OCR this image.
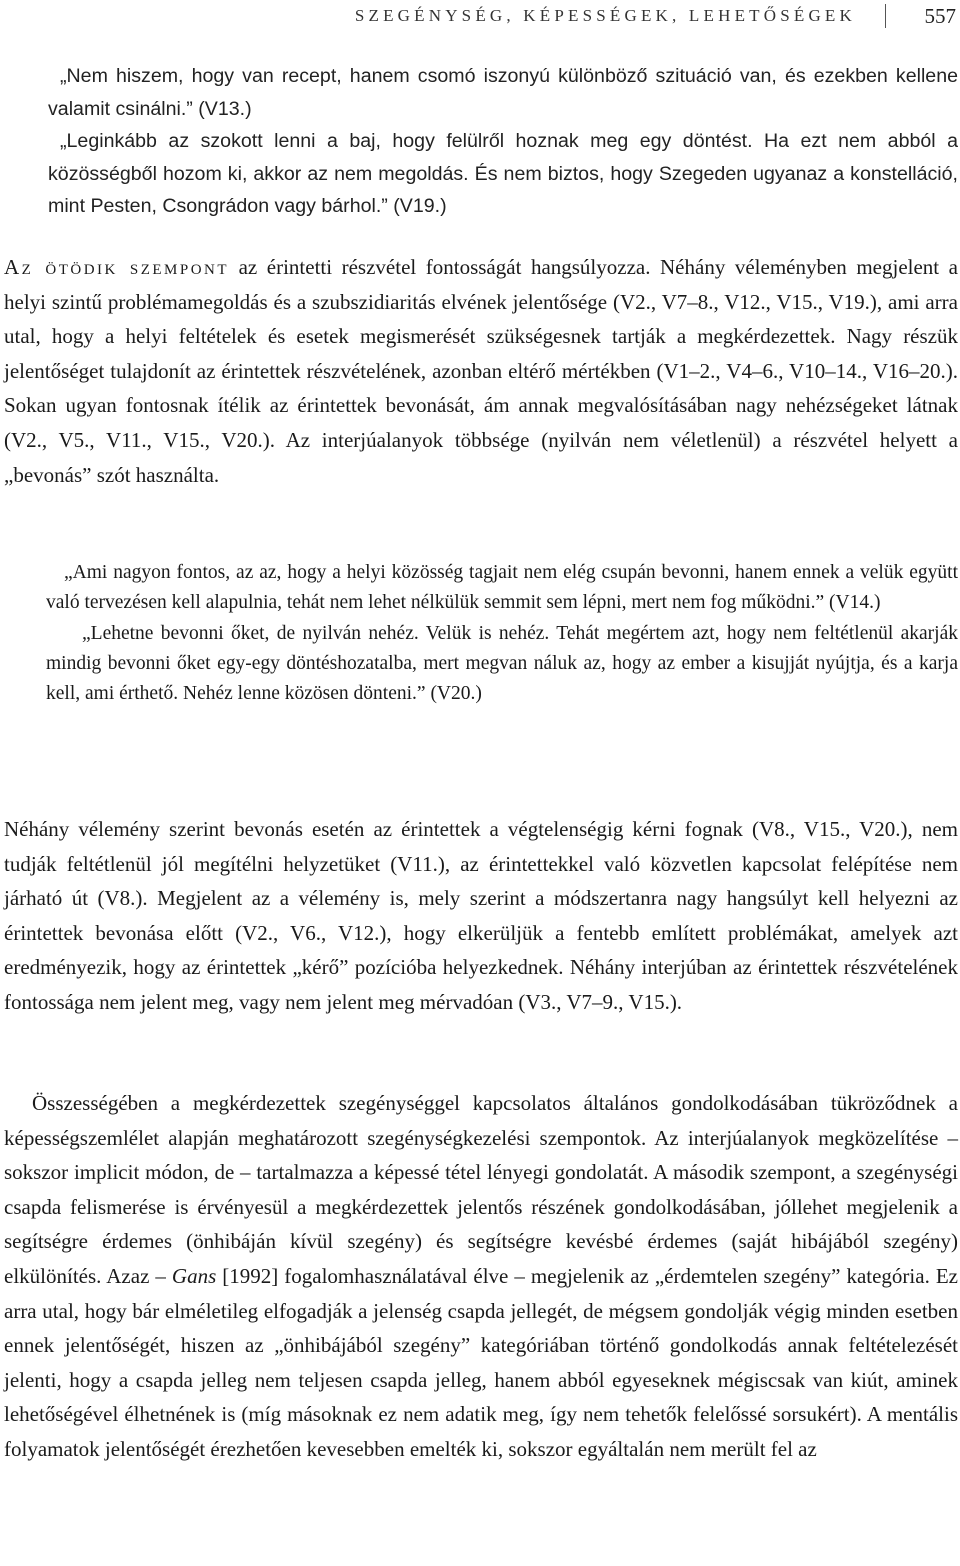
SZEGÉNYSÉG, KÉPESSÉGEK, LEHETŐSÉGEK	557

„Nem hiszem, hogy van recept, hanem csomó iszonyú különböző szituáció van, és ezekben kellene valamit csinálni.” (V13.)

„Leginkább az szokott lenni a baj, hogy felülről hoznak meg egy döntést. Ha ezt nem abból a közösségből hozom ki, akkor az nem megoldás. És nem biztos, hogy Szegeden ugyanaz a konstelláció, mint Pesten, Csongrádon vagy bárhol.” (V19.)

Az ötödik szempont az érintetti részvétel fontosságát hangsúlyozza. Néhány véleményben megjelent a helyi szintű problémamegoldás és a szubszidiaritás elvének jelentősége (V2., V7–8., V12., V15., V19.), ami arra utal, hogy a helyi feltételek és esetek megismerését szükségesnek tartják a megkérdezettek. Nagy részük jelentőséget tulajdonít az érintettek részvételének, azonban eltérő mértékben (V1–2., V4–6., V10–14., V16–20.). Sokan ugyan fontosnak ítélik az érintettek bevonását, ám annak megvalósításában nagy nehézségeket látnak (V2., V5., V11., V15., V20.). Az interjúalanyok többsége (nyilván nem véletlenül) a részvétel helyett a „bevonás” szót használta.

„Ami nagyon fontos, az az, hogy a helyi közösség tagjait nem elég csupán bevonni, hanem ennek a velük együtt való tervezésen kell alapulnia, tehát nem lehet nélkülük semmit sem lépni, mert nem fog működni.” (V14.)

„Lehetne bevonni őket, de nyilván nehéz. Velük is nehéz. Tehát megértem azt, hogy nem feltétlenül akarják mindig bevonni őket egy-egy döntéshozatalba, mert megvan náluk az, hogy az ember a kisujját nyújtja, és a karja kell, ami érthető. Nehéz lenne közösen dönteni.” (V20.)

Néhány vélemény szerint bevonás esetén az érintettek a végtelenségig kérni fognak (V8., V15., V20.), nem tudják feltétlenül jól megítélni helyzetüket (V11.), az érintettekkel való közvetlen kapcsolat felépítése nem járható út (V8.). Megjelent az a vélemény is, mely szerint a módszertanra nagy hangsúlyt kell helyezni az érintettek bevonása előtt (V2., V6., V12.), hogy elkerüljük a fentebb említett problémákat, amelyek azt eredményezik, hogy az érintettek „kérő” pozícióba helyezkednek. Néhány interjúban az érintettek részvételének fontossága nem jelent meg, vagy nem jelent meg mérvadóan (V3., V7–9., V15.).

Összességében a megkérdezettek szegénységgel kapcsolatos általános gondolkodásában tükröződnek a képességszemlélet alapján meghatározott szegénységkezelési szempontok. Az interjúalanyok megközelítése – sokszor implicit módon, de – tartalmazza a képessé tétel lényegi gondolatát. A második szempont, a szegénységi csapda felismerése is érvényesül a megkérdezettek jelentős részének gondolkodásában, jóllehet megjelenik a segítségre érdemes (önhibáján kívül szegény) és segítségre kevésbé érdemes (saját hibájából szegény) elkülönítés. Azaz – Gans [1992] fogalomhasználatával élve – megjelenik az „érdemtelen szegény” kategória. Ez arra utal, hogy bár elméletileg elfogadják a jelenség csapda jellegét, de mégsem gondolják végig minden esetben ennek jelentőségét, hiszen az „önhibájából szegény” kategóriában történő gondolkodás annak feltételezését jelenti, hogy a csapda jelleg nem teljesen csapda jelleg, hanem abból egyeseknek mégiscsak van kiút, aminek lehetőségével élhetnének is (míg másoknak ez nem adatik meg, így nem tehetők felelőssé sorsukért). A mentális folyamatok jelentőségét érezhetően kevesebben emelték ki, sokszor egyáltalán nem merült fel az
